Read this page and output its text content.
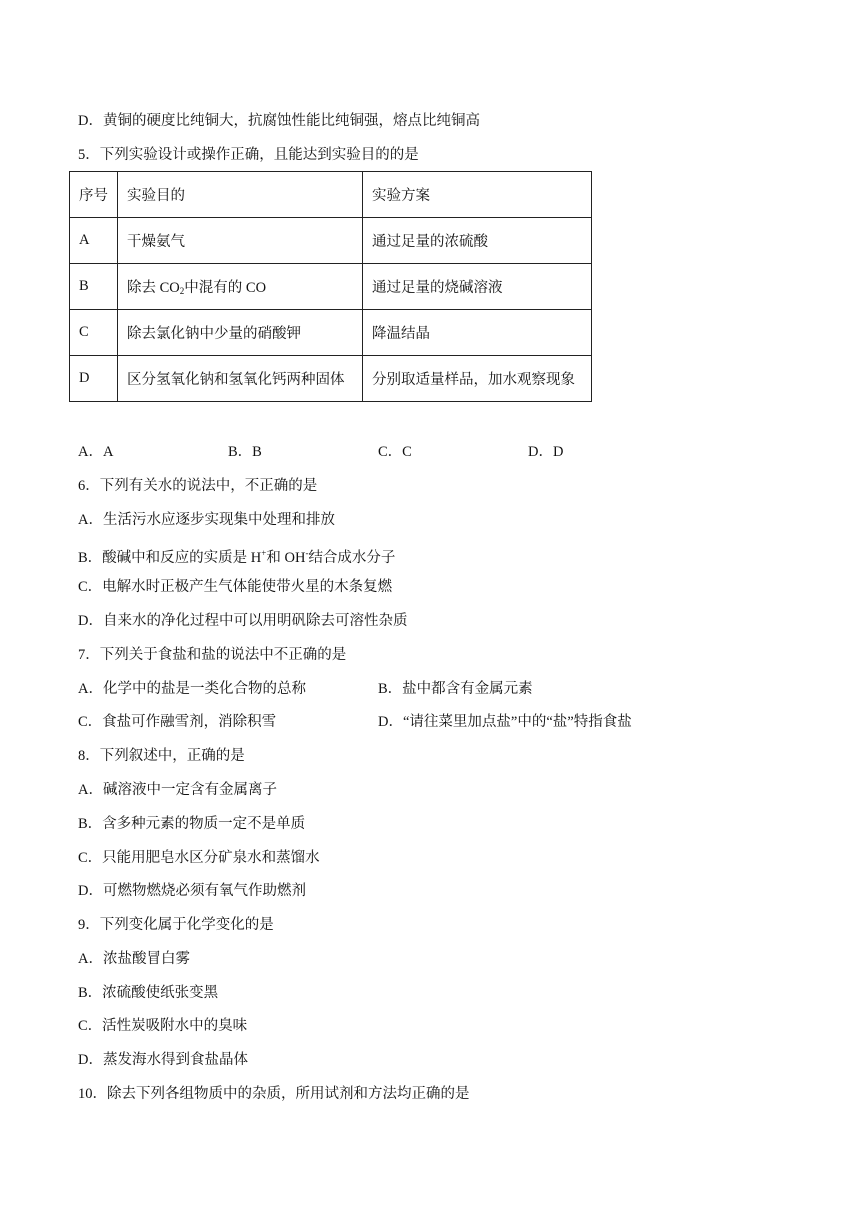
D．黄铜的硬度比纯铜大，抗腐蚀性能比纯铜强，熔点比纯铜高
5．下列实验设计或操作正确，且能达到实验目的的是
序号	实验目的	实验方案
A	干燥氨气	通过足量的浓硫酸
B	除去 $CO_2$中混有的 CO	通过足量的烧碱溶液
C	除去氯化钠中少量的硝酸钾	降温结晶
D	区分氢氧化钠和氢氧化钙两种固体	分别取适量样品，加水观察现象
A．A	B．B	C．C	D．D
6．下列有关水的说法中，不正确的是
A．生活污水应逐步实现集中处理和排放
B．酸碱中和反应的实质是 H+和 OH-结合成水分子
C．电解水时正极产生气体能使带火星的木条复燃
D．自来水的净化过程中可以用明矾除去可溶性杂质
7．下列关于食盐和盐的说法中不正确的是
A．化学中的盐是一类化合物的总称	B．盐中都含有金属元素
C．食盐可作融雪剂，消除积雪	D．“请往菜里加点盐”中的“盐”特指食盐
8．下列叙述中，正确的是
A．碱溶液中一定含有金属离子
B．含多种元素的物质一定不是单质
C．只能用肥皂水区分矿泉水和蒸馏水
D．可燃物燃烧必须有氧气作助燃剂
9．下列变化属于化学变化的是
A．浓盐酸冒白雾
B．浓硫酸使纸张变黑
C．活性炭吸附水中的臭味
D．蒸发海水得到食盐晶体
10．除去下列各组物质中的杂质，所用试剂和方法均正确的是
